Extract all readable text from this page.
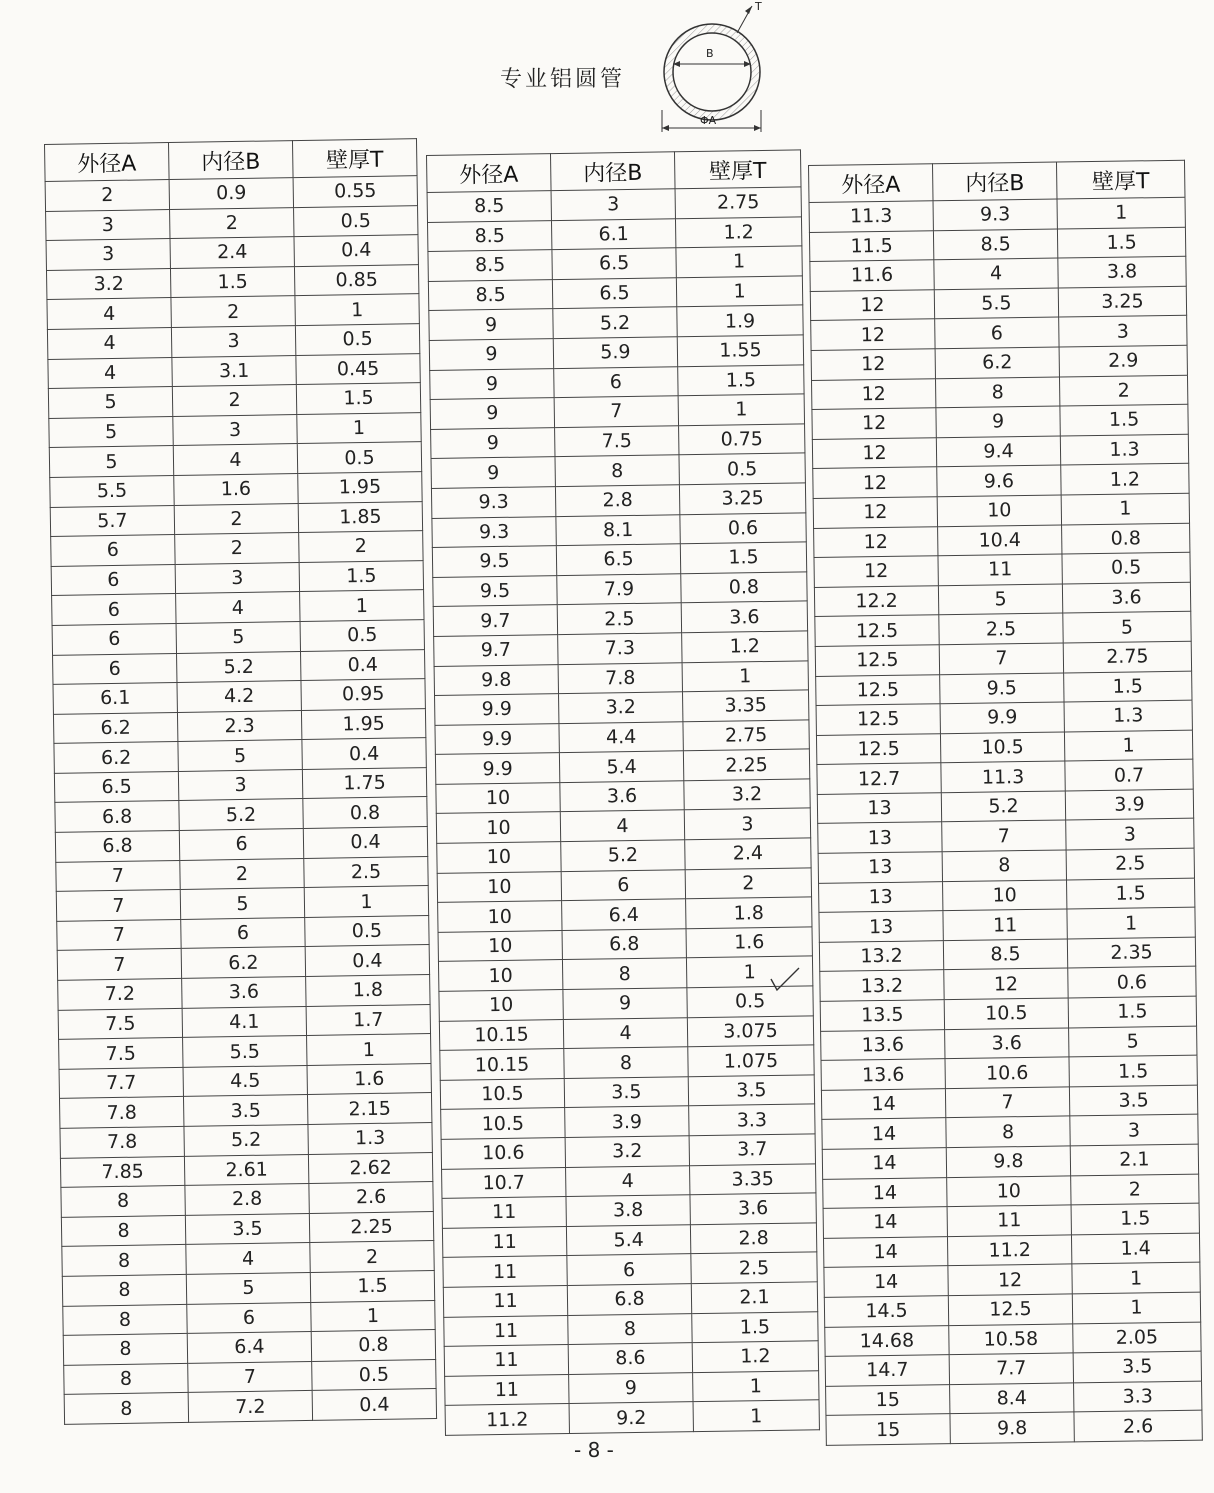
专业铝圆管
B
T
ΦA
外径A	内径B	壁厚T
2	0.9	0.55
3	2	0.5
3	2.4	0.4
3.2	1.5	0.85
4	2	1
4	3	0.5
4	3.1	0.45
5	2	1.5
5	3	1
5	4	0.5
5.5	1.6	1.95
5.7	2	1.85
6	2	2
6	3	1.5
6	4	1
6	5	0.5
6	5.2	0.4
6.1	4.2	0.95
6.2	2.3	1.95
6.2	5	0.4
6.5	3	1.75
6.8	5.2	0.8
6.8	6	0.4
7	2	2.5
7	5	1
7	6	0.5
7	6.2	0.4
7.2	3.6	1.8
7.5	4.1	1.7
7.5	5.5	1
7.7	4.5	1.6
7.8	3.5	2.15
7.8	5.2	1.3
7.85	2.61	2.62
8	2.8	2.6
8	3.5	2.25
8	4	2
8	5	1.5
8	6	1
8	6.4	0.8
8	7	0.5
8	7.2	0.4
外径A	内径B	壁厚T
8.5	3	2.75
8.5	6.1	1.2
8.5	6.5	1
8.5	6.5	1
9	5.2	1.9
9	5.9	1.55
9	6	1.5
9	7	1
9	7.5	0.75
9	8	0.5
9.3	2.8	3.25
9.3	8.1	0.6
9.5	6.5	1.5
9.5	7.9	0.8
9.7	2.5	3.6
9.7	7.3	1.2
9.8	7.8	1
9.9	3.2	3.35
9.9	4.4	2.75
9.9	5.4	2.25
10	3.6	3.2
10	4	3
10	5.2	2.4
10	6	2
10	6.4	1.8
10	6.8	1.6
10	8	1
10	9	0.5
10.15	4	3.075
10.15	8	1.075
10.5	3.5	3.5
10.5	3.9	3.3
10.6	3.2	3.7
10.7	4	3.35
11	3.8	3.6
11	5.4	2.8
11	6	2.5
11	6.8	2.1
11	8	1.5
11	8.6	1.2
11	9	1
11.2	9.2	1
外径A	内径B	壁厚T
11.3	9.3	1
11.5	8.5	1.5
11.6	4	3.8
12	5.5	3.25
12	6	3
12	6.2	2.9
12	8	2
12	9	1.5
12	9.4	1.3
12	9.6	1.2
12	10	1
12	10.4	0.8
12	11	0.5
12.2	5	3.6
12.5	2.5	5
12.5	7	2.75
12.5	9.5	1.5
12.5	9.9	1.3
12.5	10.5	1
12.7	11.3	0.7
13	5.2	3.9
13	7	3
13	8	2.5
13	10	1.5
13	11	1
13.2	8.5	2.35
13.2	12	0.6
13.5	10.5	1.5
13.6	3.6	5
13.6	10.6	1.5
14	7	3.5
14	8	3
14	9.8	2.1
14	10	2
14	11	1.5
14	11.2	1.4
14	12	1
14.5	12.5	1
14.68	10.58	2.05
14.7	7.7	3.5
15	8.4	3.3
15	9.8	2.6
- 8 -
